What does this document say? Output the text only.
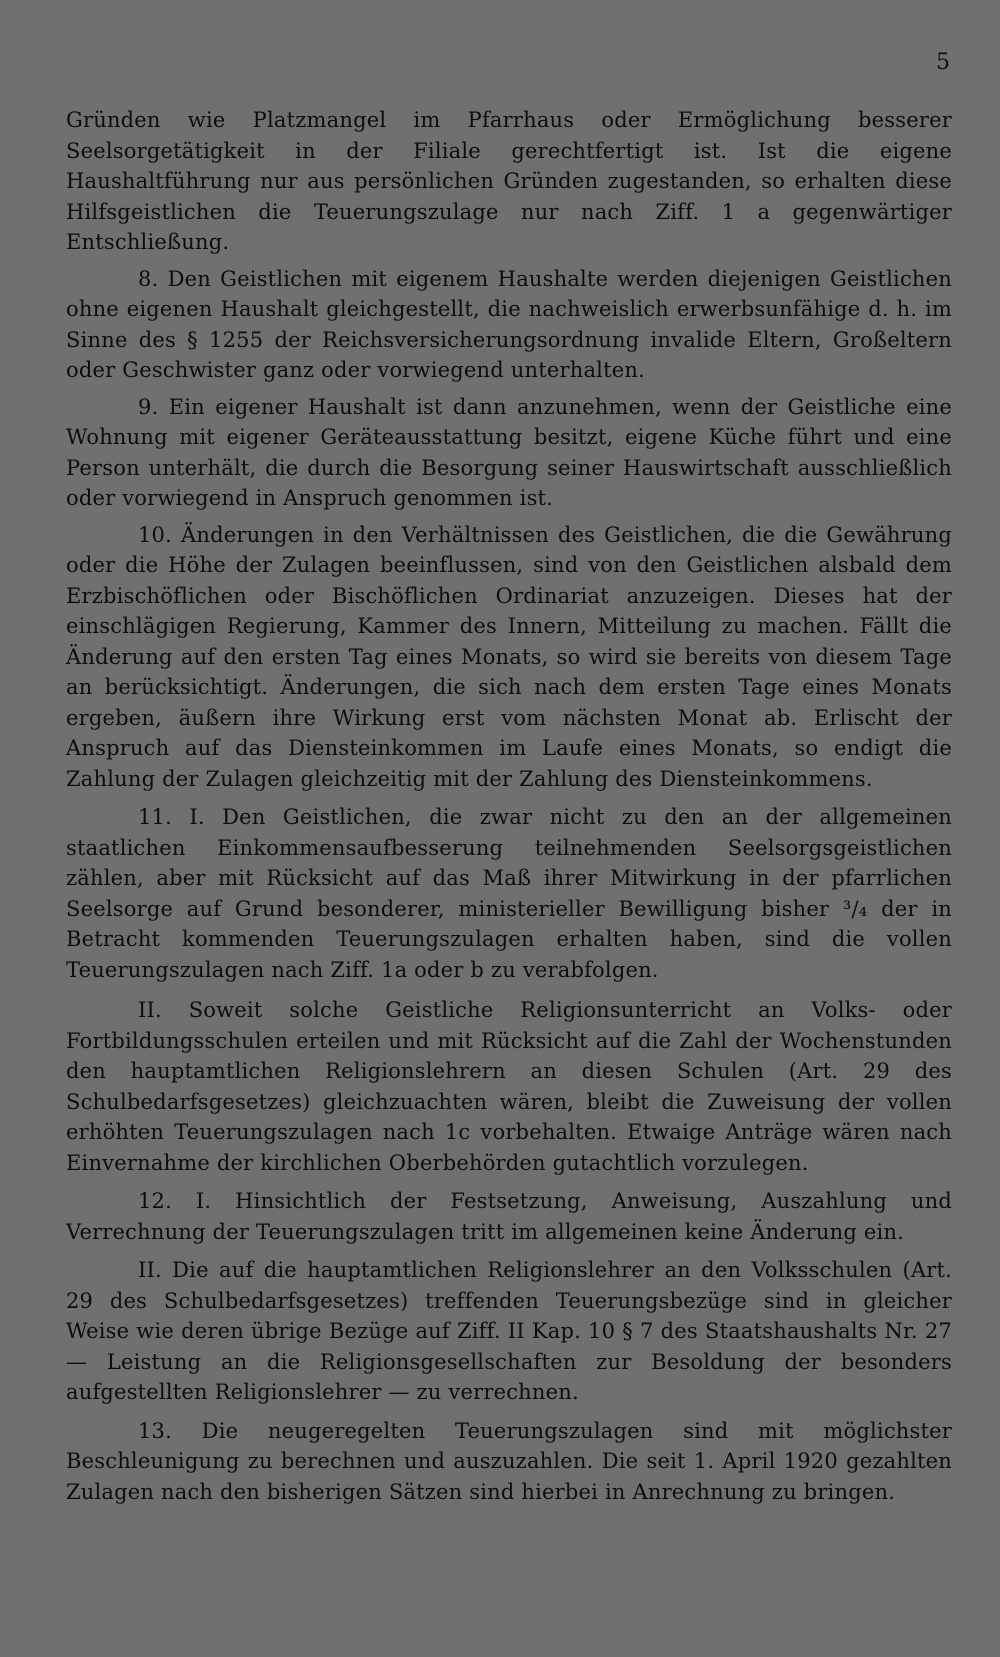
5

Gründen wie Platzmangel im Pfarrhaus oder Ermöglichung besserer Seelsorgetätigkeit in der Filiale gerechtfertigt ist. Ist die eigene Haushaltführung nur aus persönlichen Gründen zugestanden, so erhalten diese Hilfsgeistlichen die Teuerungszulage nur nach Ziff. 1 a gegenwärtiger Entschließung.

8. Den Geistlichen mit eigenem Haushalte werden diejenigen Geistlichen ohne eigenen Haushalt gleichgestellt, die nachweislich erwerbsunfähige d. h. im Sinne des § 1255 der Reichsversicherungsordnung invalide Eltern, Großeltern oder Geschwister ganz oder vorwiegend unterhalten.

9. Ein eigener Haushalt ist dann anzunehmen, wenn der Geistliche eine Wohnung mit eigener Geräteausstattung besitzt, eigene Küche führt und eine Person unterhält, die durch die Besorgung seiner Hauswirtschaft ausschließlich oder vorwiegend in Anspruch genommen ist.

10. Änderungen in den Verhältnissen des Geistlichen, die die Gewährung oder die Höhe der Zulagen beeinflussen, sind von den Geistlichen alsbald dem Erzbischöflichen oder Bischöflichen Ordinariat anzuzeigen. Dieses hat der einschlägigen Regierung, Kammer des Innern, Mitteilung zu machen. Fällt die Änderung auf den ersten Tag eines Monats, so wird sie bereits von diesem Tage an berücksichtigt. Änderungen, die sich nach dem ersten Tage eines Monats ergeben, äußern ihre Wirkung erst vom nächsten Monat ab. Erlischt der Anspruch auf das Diensteinkommen im Laufe eines Monats, so endigt die Zahlung der Zulagen gleichzeitig mit der Zahlung des Diensteinkommens.

11. I. Den Geistlichen, die zwar nicht zu den an der allgemeinen staatlichen Einkommensaufbesserung teilnehmenden Seelsorgsgeistlichen zählen, aber mit Rücksicht auf das Maß ihrer Mitwirkung in der pfarrlichen Seelsorge auf Grund besonderer, ministerieller Bewilligung bisher ³/₄ der in Betracht kommenden Teuerungszulagen erhalten haben, sind die vollen Teuerungszulagen nach Ziff. 1a oder b zu verabfolgen.

II. Soweit solche Geistliche Religionsunterricht an Volks- oder Fortbildungsschulen erteilen und mit Rücksicht auf die Zahl der Wochenstunden den hauptamtlichen Religionslehrern an diesen Schulen (Art. 29 des Schulbedarfsgesetzes) gleichzuachten wären, bleibt die Zuweisung der vollen erhöhten Teuerungszulagen nach 1c vorbehalten. Etwaige Anträge wären nach Einvernahme der kirchlichen Oberbehörden gutachtlich vorzulegen.

12. I. Hinsichtlich der Festsetzung, Anweisung, Auszahlung und Verrechnung der Teuerungszulagen tritt im allgemeinen keine Änderung ein.

II. Die auf die hauptamtlichen Religionslehrer an den Volksschulen (Art. 29 des Schulbedarfsgesetzes) treffenden Teuerungsbezüge sind in gleicher Weise wie deren übrige Bezüge auf Ziff. II Kap. 10 § 7 des Staatshaushalts Nr. 27 — Leistung an die Religionsgesellschaften zur Besoldung der besonders aufgestellten Religionslehrer — zu verrechnen.

13. Die neugeregelten Teuerungszulagen sind mit möglichster Beschleunigung zu berechnen und auszuzahlen. Die seit 1. April 1920 gezahlten Zulagen nach den bisherigen Sätzen sind hierbei in Anrechnung zu bringen.
